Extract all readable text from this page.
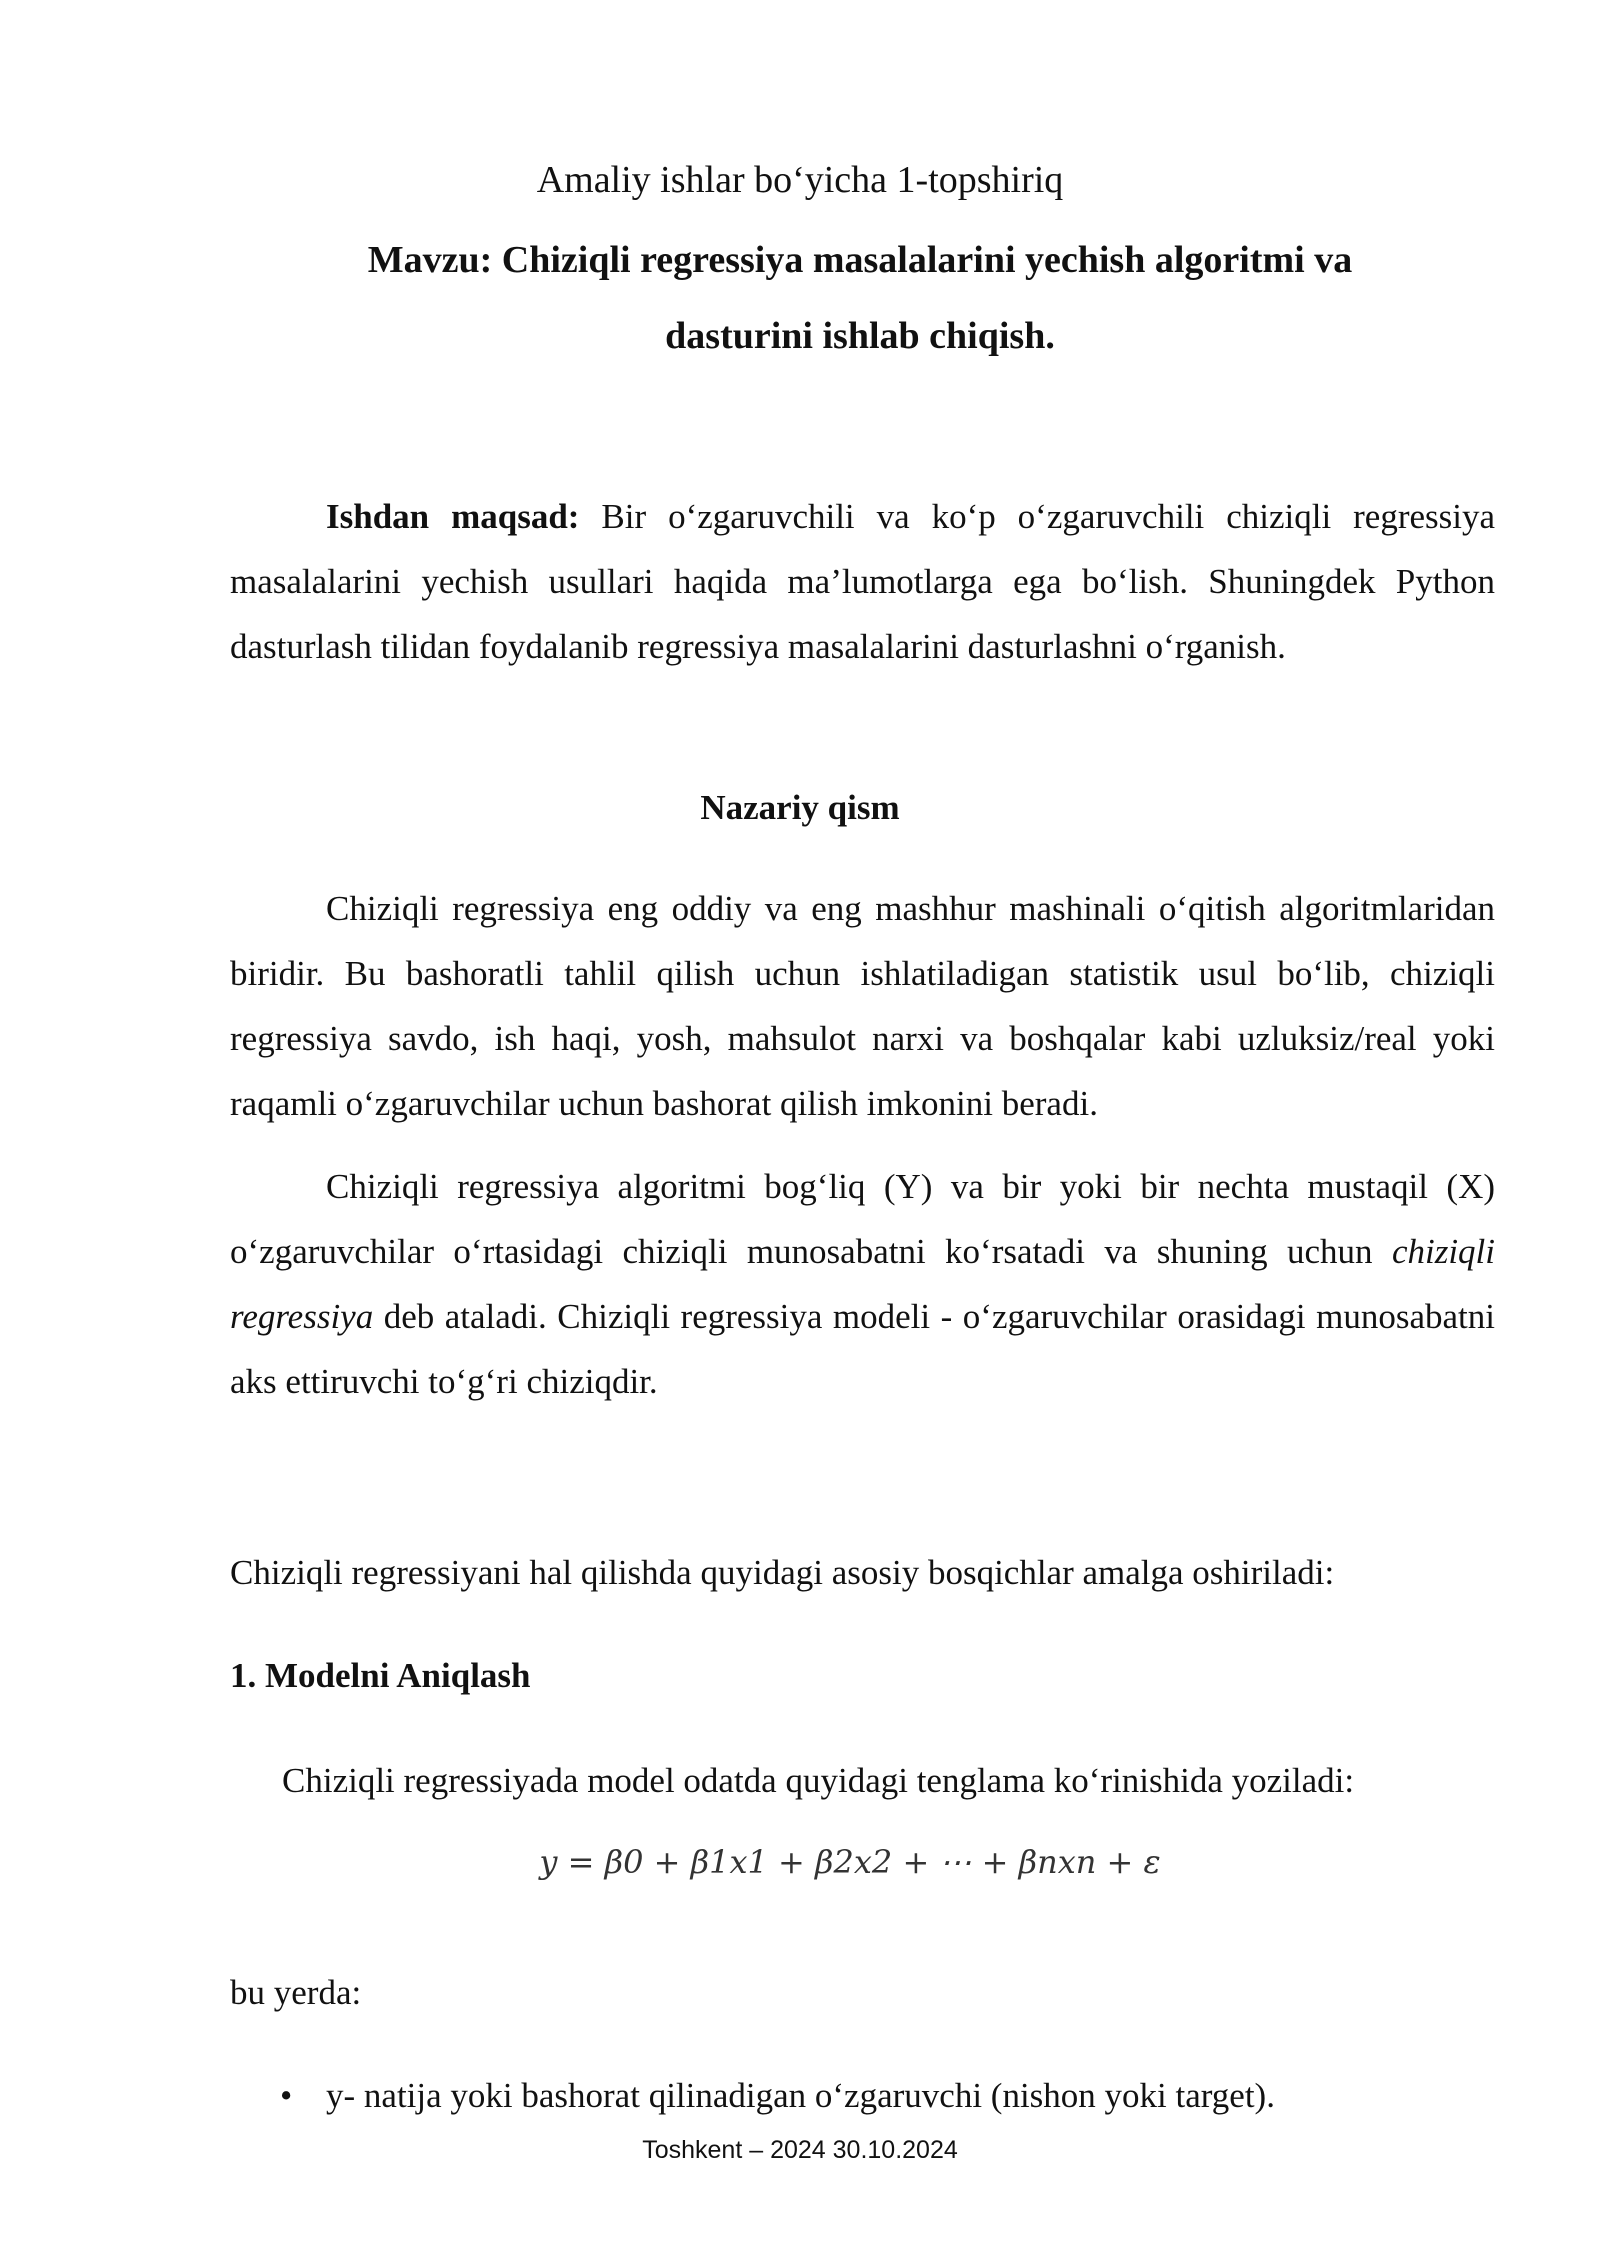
Amaliy ishlar bo‘yicha 1-topshiriq
Mavzu: Chiziqli regressiya masalalarini yechish algoritmi va
dasturini ishlab chiqish.
Ishdan maqsad: Bir o‘zgaruvchili va ko‘p o‘zgaruvchili chiziqli regressiya masalalarini yechish usullari haqida ma’lumotlarga ega bo‘lish. Shuningdek Python dasturlash tilidan foydalanib regressiya masalalarini dasturlashni o‘rganish.
Nazariy qism
Chiziqli regressiya eng oddiy va eng mashhur mashinali o‘qitish algoritmlaridan biridir. Bu bashoratli tahlil qilish uchun ishlatiladigan statistik usul bo‘lib, chiziqli regressiya savdo, ish haqi, yosh, mahsulot narxi va boshqalar kabi uzluksiz/real yoki raqamli o‘zgaruvchilar uchun bashorat qilish imkonini beradi.
Chiziqli regressiya algoritmi bog‘liq (Y) va bir yoki bir nechta mustaqil (X) o‘zgaruvchilar o‘rtasidagi chiziqli munosabatni ko‘rsatadi va shuning uchun chiziqli regressiya deb ataladi. Chiziqli regressiya modeli - o‘zgaruvchilar orasidagi munosabatni aks ettiruvchi to‘g‘ri chiziqdir.
Chiziqli regressiyani hal qilishda quyidagi asosiy bosqichlar amalga oshiriladi:
1. Modelni Aniqlash
Chiziqli regressiyada model odatda quyidagi tenglama ko‘rinishida yoziladi:
y = β0 + β1x1 + β2x2 + ⋯ + βnxn + ε
bu yerda:
• y- natija yoki bashorat qilinadigan o‘zgaruvchi (nishon yoki target).
Toshkent – 2024 30.10.2024
